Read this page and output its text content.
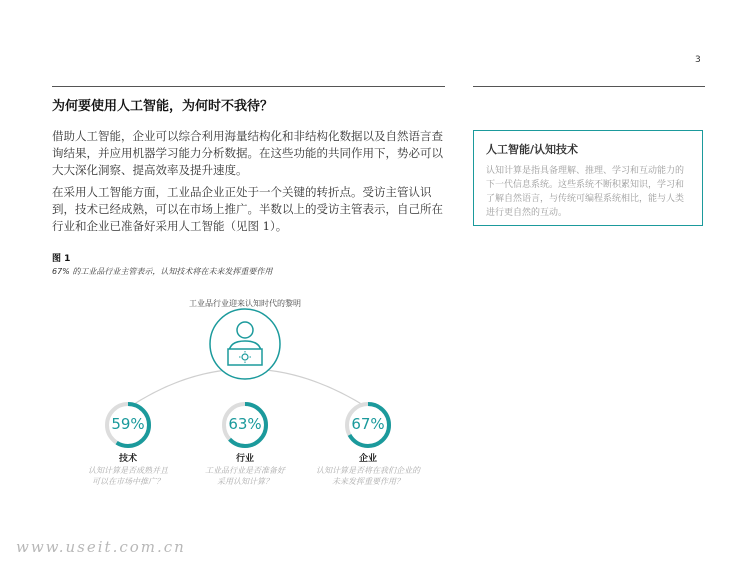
3
为何要使用人工智能，为何时不我待？
借助人工智能，企业可以综合利用海量结构化和非结构化数据以及自然语言查询结果，并应用机器学习能力分析数据。在这些功能的共同作用下，势必可以大大深化洞察、提高效率及提升速度。
在采用人工智能方面，工业品企业正处于一个关键的转折点。受访主管认识到，技术已经成熟，可以在市场上推广。半数以上的受访主管表示，自己所在行业和企业已准备好采用人工智能（见图 1）。
图 1
67% 的工业品行业主管表示，认知技术将在未来发挥重要作用
人工智能/认知技术
认知计算是指具备理解、推理、学习和互动能力的下一代信息系统。这些系统不断积累知识，学习和了解自然语言，与传统可编程系统相比，能与人类进行更自然的互动。
工业品行业迎来认知时代的黎明
59%	63%	67%
技术	行业	企业
认知计算是否成熟并且可以在市场中推广？
工业品行业是否准备好采用认知计算？
认知计算是否将在我们企业的未来发挥重要作用？
www.useit.com.cn
